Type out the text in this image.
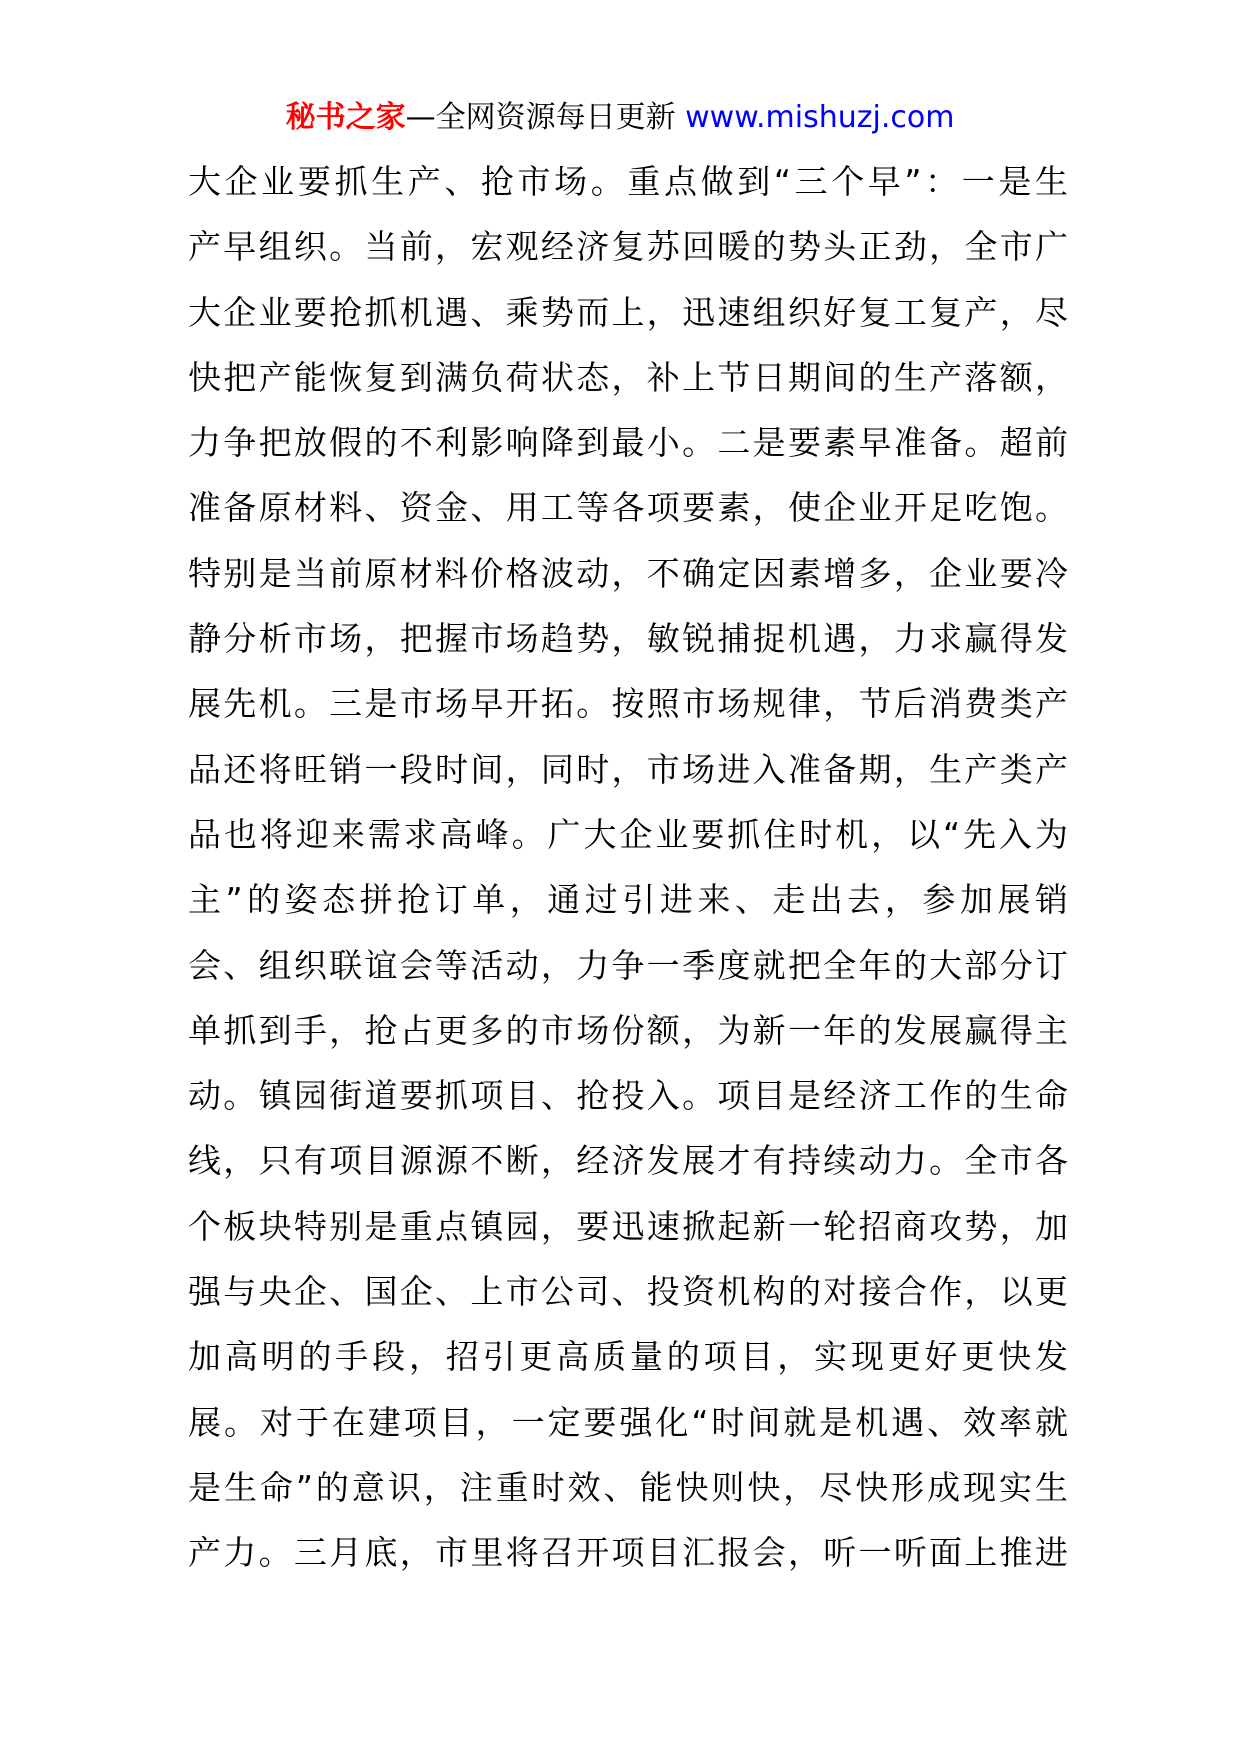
秘书之家—全网资源每日更新 www.mishuzj.com
大企业要抓生产、抢市场。重点做到“三个早”：一是生
产早组织。当前，宏观经济复苏回暖的势头正劲，全市广
大企业要抢抓机遇、乘势而上，迅速组织好复工复产，尽
快把产能恢复到满负荷状态，补上节日期间的生产落额，
力争把放假的不利影响降到最小。二是要素早准备。超前
准备原材料、资金、用工等各项要素，使企业开足吃饱。
特别是当前原材料价格波动，不确定因素增多，企业要冷
静分析市场，把握市场趋势，敏锐捕捉机遇，力求赢得发
展先机。三是市场早开拓。按照市场规律，节后消费类产
品还将旺销一段时间，同时，市场进入准备期，生产类产
品也将迎来需求高峰。广大企业要抓住时机，以“先入为
主”的姿态拼抢订单，通过引进来、走出去，参加展销
会、组织联谊会等活动，力争一季度就把全年的大部分订
单抓到手，抢占更多的市场份额，为新一年的发展赢得主
动。镇园街道要抓项目、抢投入。项目是经济工作的生命
线，只有项目源源不断，经济发展才有持续动力。全市各
个板块特别是重点镇园，要迅速掀起新一轮招商攻势，加
强与央企、国企、上市公司、投资机构的对接合作，以更
加高明的手段，招引更高质量的项目，实现更好更快发
展。对于在建项目，一定要强化“时间就是机遇、效率就
是生命”的意识，注重时效、能快则快，尽快形成现实生
产力。三月底，市里将召开项目汇报会，听一听面上推进
